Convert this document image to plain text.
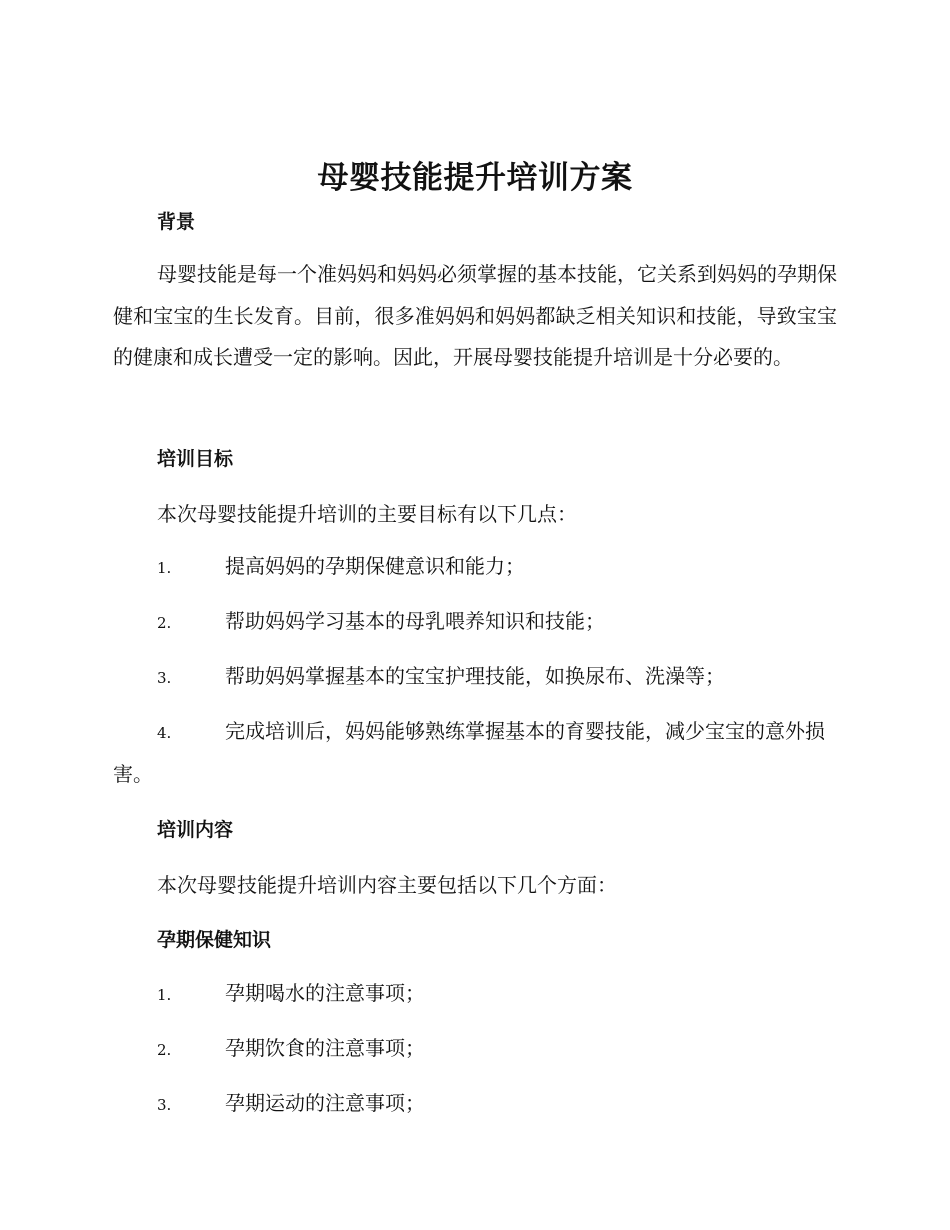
母婴技能提升培训方案
背景

母婴技能是每一个准妈妈和妈妈必须掌握的基本技能，它关系到妈妈的孕期保健和宝宝的生长发育。目前，很多准妈妈和妈妈都缺乏相关知识和技能，导致宝宝的健康和成长遭受一定的影响。因此，开展母婴技能提升培训是十分必要的。

培训目标

本次母婴技能提升培训的主要目标有以下几点：

1.	提高妈妈的孕期保健意识和能力；

2.	帮助妈妈学习基本的母乳喂养知识和技能；

3.	帮助妈妈掌握基本的宝宝护理技能，如换尿布、洗澡等；

4.	完成培训后，妈妈能够熟练掌握基本的育婴技能，减少宝宝的意外损害。

培训内容

本次母婴技能提升培训内容主要包括以下几个方面：

孕期保健知识

1.	孕期喝水的注意事项；

2.	孕期饮食的注意事项；

3.	孕期运动的注意事项；
